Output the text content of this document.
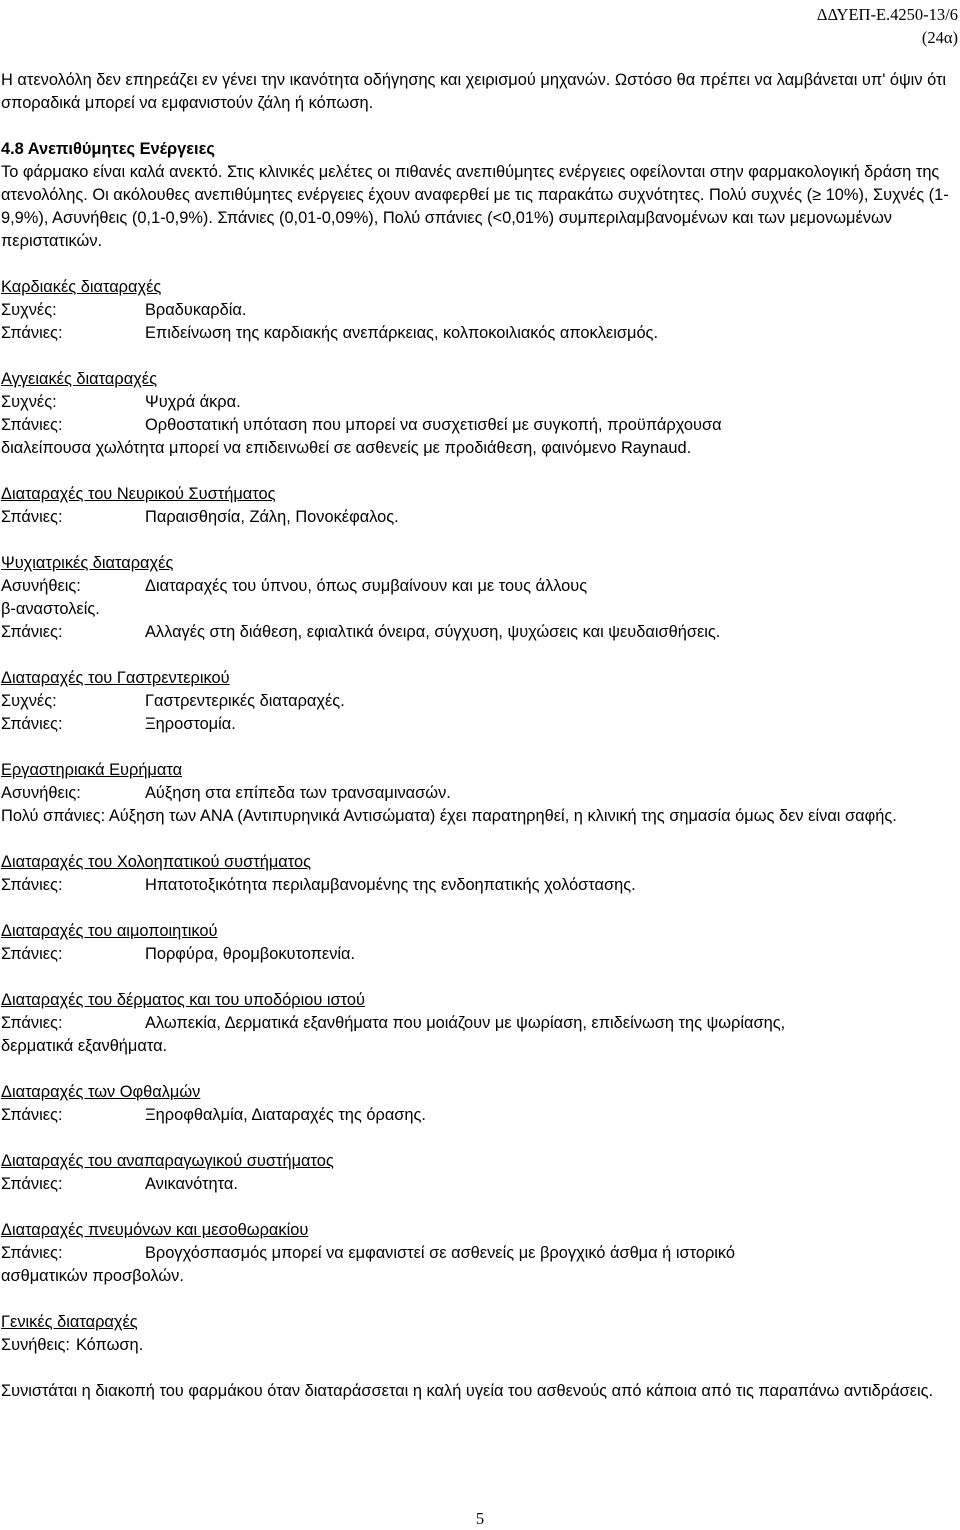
ΔΔΥΕΠ-Ε.4250-13/6
(24α)

Η ατενολόλη δεν επηρεάζει εν γένει την ικανότητα οδήγησης και χειρισμού μηχανών. Ωστόσο θα πρέπει να λαμβάνεται υπ' όψιν ότι σποραδικά μπορεί να εμφανιστούν ζάλη ή κόπωση.

4.8 Ανεπιθύμητες Ενέργειες

Το φάρμακο είναι καλά ανεκτό. Στις κλινικές μελέτες οι πιθανές ανεπιθύμητες ενέργειες οφείλονται στην φαρμακολογική δράση της ατενολόλης. Οι ακόλουθες ανεπιθύμητες ενέργειες έχουν αναφερθεί με τις παρακάτω συχνότητες. Πολύ συχνές (≥ 10%), Συχνές (1-9,9%), Ασυνήθεις (0,1-0,9%). Σπάνιες (0,01-0,09%), Πολύ σπάνιες (<0,01%) συμπεριλαμβανομένων και των μεμονωμένων περιστατικών.

Καρδιακές διαταραχές

Συχνές:	Βραδυκαρδία.
Σπάνιες:	Επιδείνωση της καρδιακής ανεπάρκειας, κολποκοιλιακός αποκλεισμός.

Αγγειακές διαταραχές

Συχνές:	Ψυχρά άκρα.
Σπάνιες:	Ορθοστατική υπόταση που μπορεί να συσχετισθεί με συγκοπή, προϋπάρχουσα
διαλείπουσα χωλότητα μπορεί να επιδεινωθεί σε ασθενείς με προδιάθεση, φαινόμενο Raynaud.

Διαταραχές του Νευρικού Συστήματος

Σπάνιες:	Παραισθησία, Ζάλη, Πονοκέφαλος.

Ψυχιατρικές διαταραχές

Ασυνήθεις:	Διαταραχές του ύπνου, όπως συμβαίνουν και με τους άλλους
β-αναστολείς.
Σπάνιες:	Αλλαγές στη διάθεση, εφιαλτικά όνειρα, σύγχυση, ψυχώσεις και ψευδαισθήσεις.

Διαταραχές του Γαστρεντερικού

Συχνές:	Γαστρεντερικές διαταραχές.
Σπάνιες:	Ξηροστομία.

Εργαστηριακά Ευρήματα

Ασυνήθεις:	Αύξηση στα επίπεδα των τρανσαμινασών.

Πολύ σπάνιες: Αύξηση των ΑΝΑ (Αντιπυρηνικά Αντισώματα) έχει παρατηρηθεί, η κλινική της σημασία όμως δεν είναι σαφής.

Διαταραχές του Χολοηπατικού συστήματος

Σπάνιες:	Ηπατοτοξικότητα περιλαμβανομένης της ενδοηπατικής χολόστασης.

Διαταραχές του αιμοποιητικού

Σπάνιες:	Πορφύρα, θρομβοκυτοπενία.

Διαταραχές του δέρματος και του υποδόριου ιστού

Σπάνιες:	Αλωπεκία, Δερματικά εξανθήματα που μοιάζουν με ψωρίαση, επιδείνωση της ψωρίασης,
δερματικά εξανθήματα.

Διαταραχές των Οφθαλμών

Σπάνιες:	Ξηροφθαλμία, Διαταραχές της όρασης.

Διαταραχές του αναπαραγωγικού συστήματος

Σπάνιες:	Ανικανότητα.

Διαταραχές πνευμόνων και μεσοθωρακίου

Σπάνιες:	Βρογχόσπασμός μπορεί να εμφανιστεί σε ασθενείς με βρογχικό άσθμα ή ιστορικό
ασθματικών προσβολών.

Γενικές διαταραχές

Συνήθεις: Κόπωση.

Συνιστάται η διακοπή του φαρμάκου όταν διαταράσσεται η καλή υγεία του ασθενούς από κάποια από τις παραπάνω αντιδράσεις.

5
